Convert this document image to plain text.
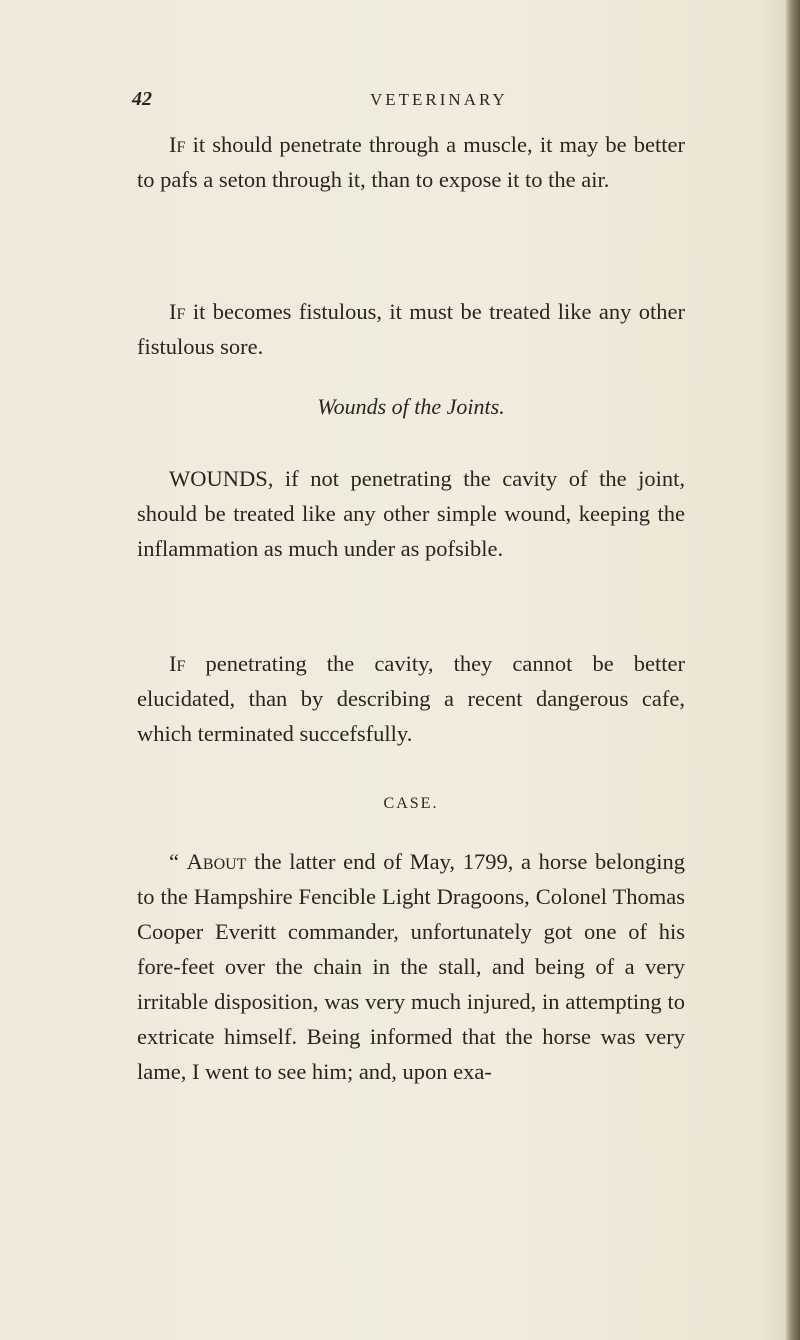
42	VETERINARY

If it should penetrate through a muscle, it may be better to pafs a seton through it, than to expose it to the air.

If it becomes fistulous, it must be treated like any other fistulous sore.

Wounds of the Joints.

WOUNDS, if not penetrating the cavity of the joint, should be treated like any other simple wound, keeping the inflammation as much under as pofsible.

If penetrating the cavity, they cannot be better elucidated, than by describing a recent dangerous cafe, which terminated succefsfully.

CASE.

“ About the latter end of May, 1799, a horse belonging to the Hampshire Fencible Light Dragoons, Colonel Thomas Cooper Everitt commander, unfortunately got one of his fore-feet over the chain in the stall, and being of a very irritable disposition, was very much injured, in attempting to extricate himself. Being informed that the horse was very lame, I went to see him; and, upon exa-
